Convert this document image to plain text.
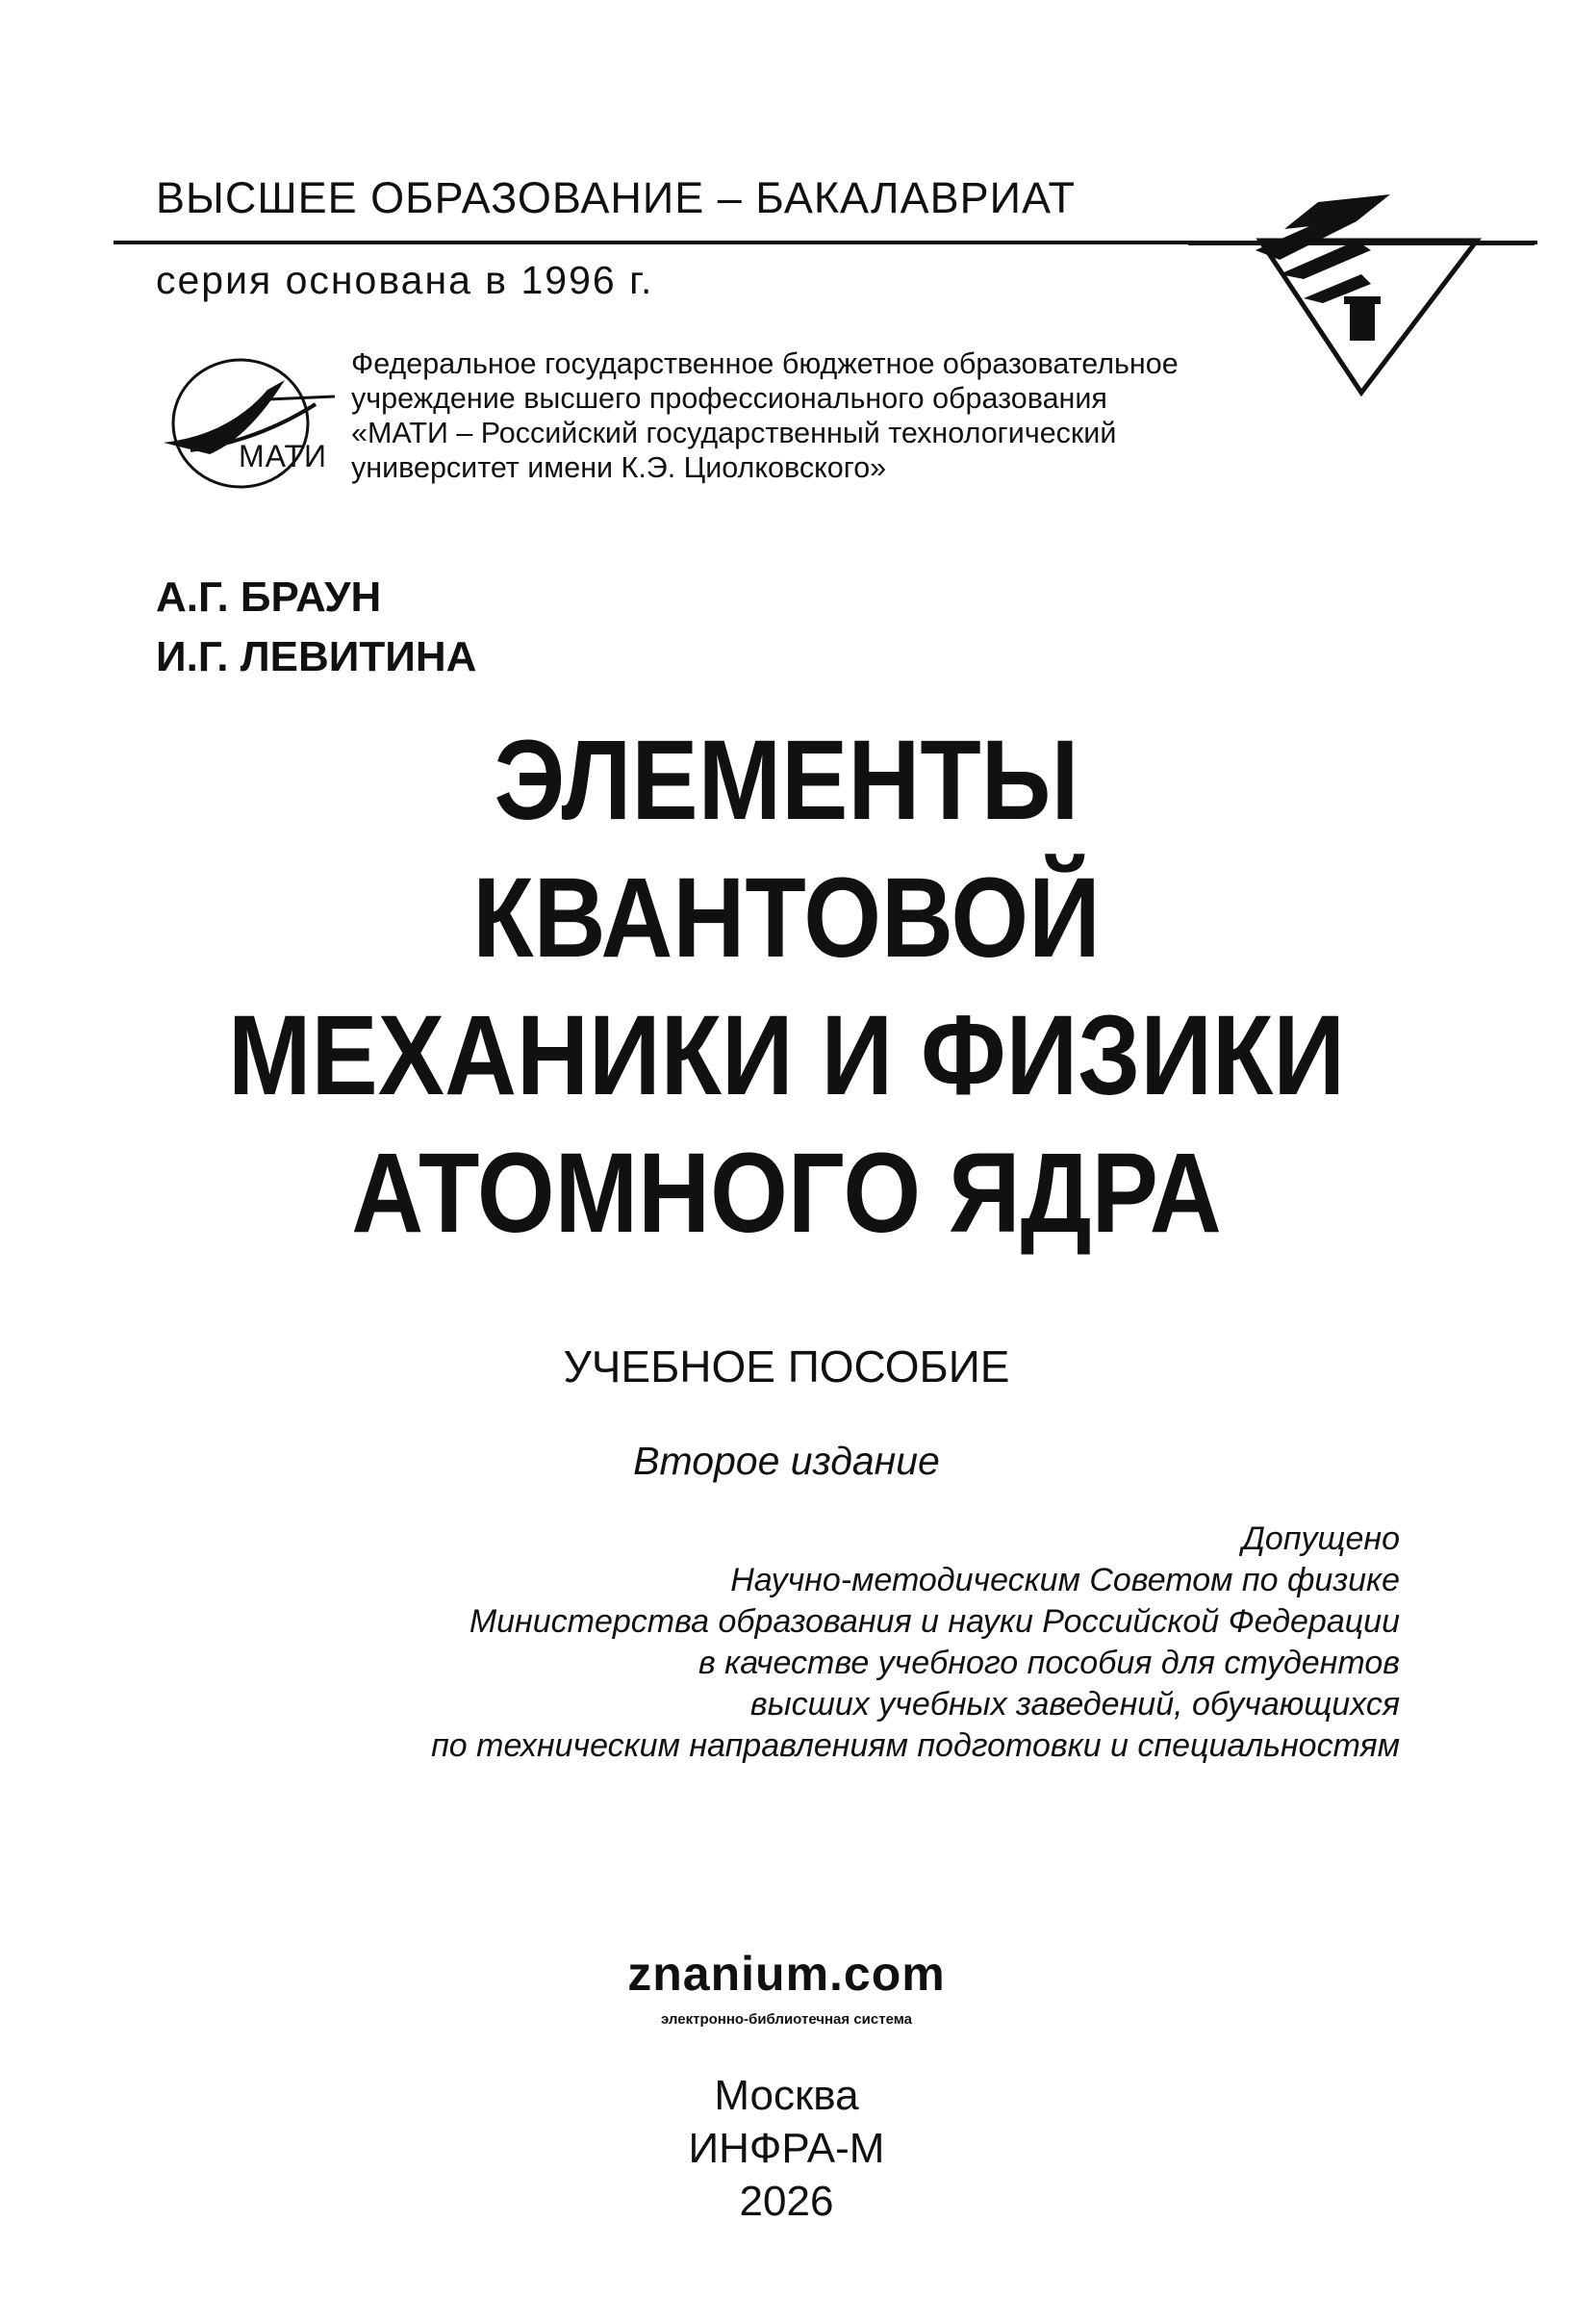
ВЫСШЕЕ ОБРАЗОВАНИЕ – БАКАЛАВРИАТ
серия основана в 1996 г.
МАТИ
Федеральное государственное бюджетное образовательное
учреждение высшего профессионального образования
«МАТИ – Российский государственный технологический
университет имени К.Э. Циолковского»
А.Г. БРАУН
И.Г. ЛЕВИТИНА
ЭЛЕМЕНТЫ
КВАНТОВОЙ
МЕХАНИКИ И ФИЗИКИ
АТОМНОГО ЯДРА
УЧЕБНОЕ ПОСОБИЕ
Второе издание
Допущено
Научно-методическим Советом по физике
Министерства образования и науки Российской Федерации
в качестве учебного пособия для студентов
высших учебных заведений, обучающихся
по техническим направлениям подготовки и специальностям
znanium.com
электронно-библиотечная система
Москва
ИНФРА-М
2026
